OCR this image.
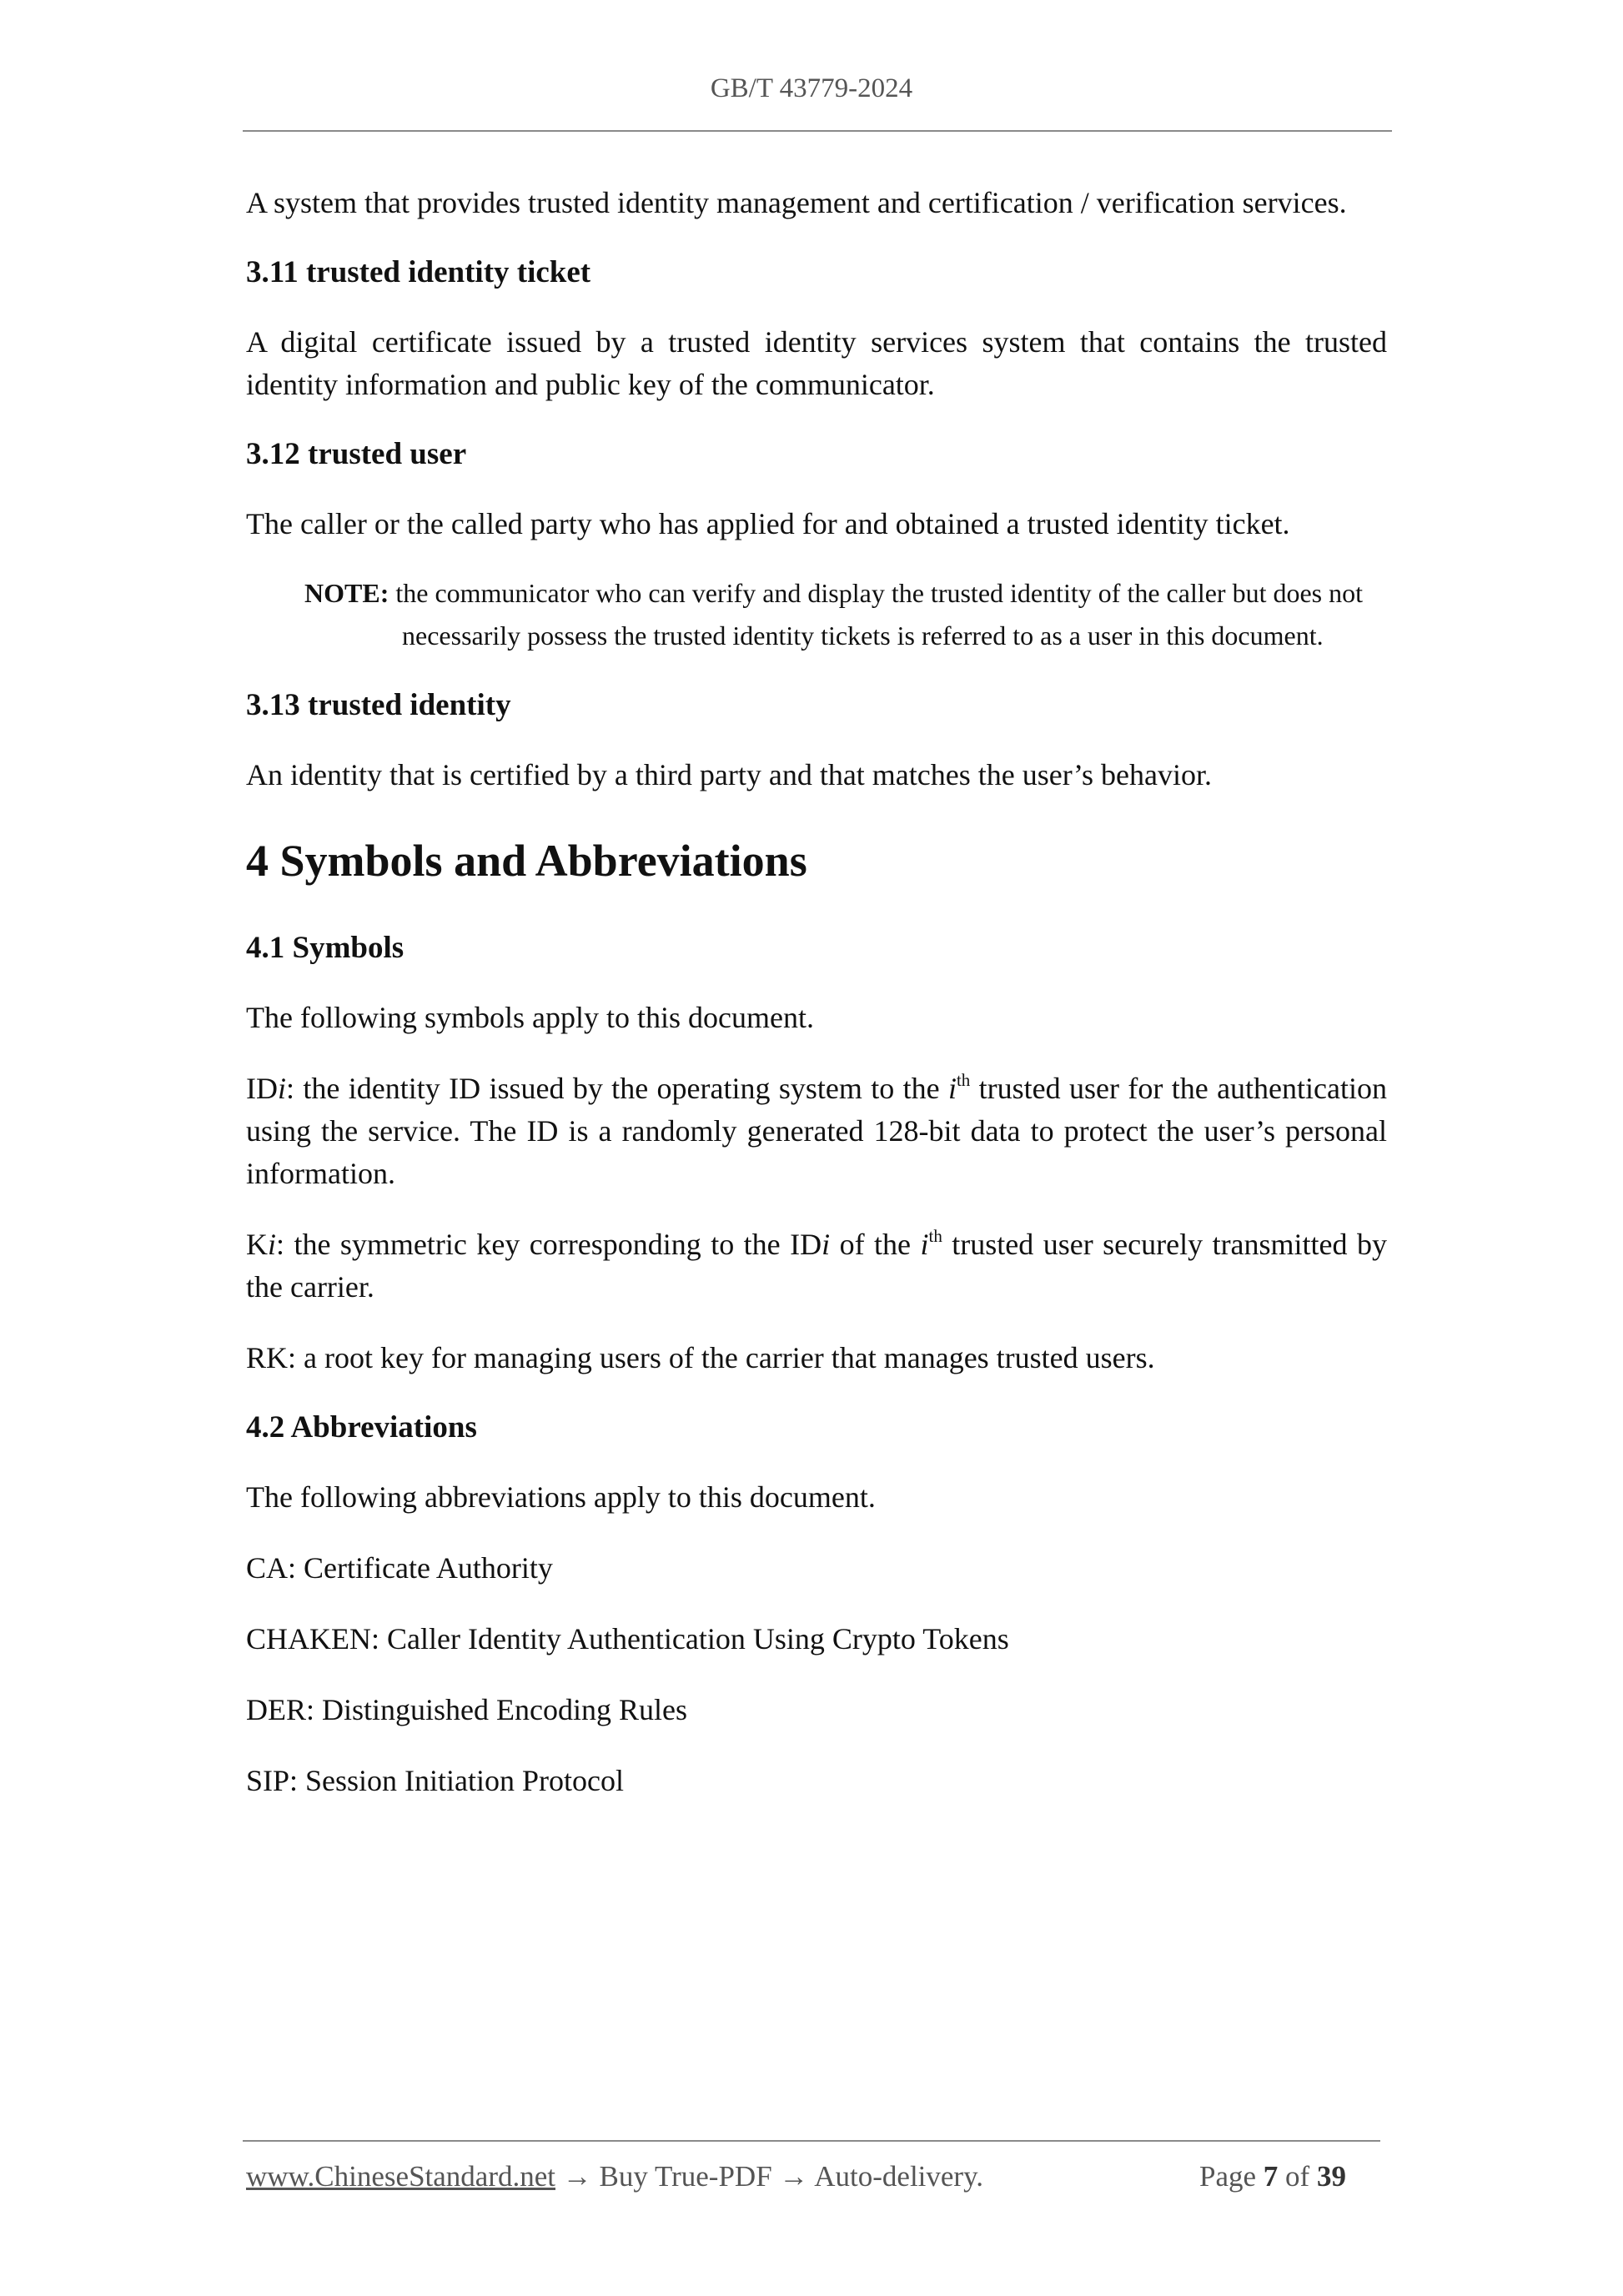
GB/T 43779-2024

A system that provides trusted identity management and certification / verification services.

3.11 trusted identity ticket

A digital certificate issued by a trusted identity services system that contains the trusted identity information and public key of the communicator.

3.12 trusted user

The caller or the called party who has applied for and obtained a trusted identity ticket.

NOTE: the communicator who can verify and display the trusted identity of the caller but does not
necessarily possess the trusted identity tickets is referred to as a user in this document.
3.13 trusted identity

An identity that is certified by a third party and that matches the user’s behavior.

4 Symbols and Abbreviations
4.1 Symbols

The following symbols apply to this document.

IDi: the identity ID issued by the operating system to the $i^{th}$ trusted user for the authentication using the service. The ID is a randomly generated 128-bit data to protect the user’s personal information.

Ki: the symmetric key corresponding to the IDi of the $i^{th}$ trusted user securely transmitted by the carrier.

RK: a root key for managing users of the carrier that manages trusted users.

4.2 Abbreviations

The following abbreviations apply to this document.

CA: Certificate Authority

CHAKEN: Caller Identity Authentication Using Crypto Tokens

DER: Distinguished Encoding Rules

SIP: Session Initiation Protocol

www.ChineseStandard.net → Buy True-PDF → Auto-delivery.	Page 7 of 39
